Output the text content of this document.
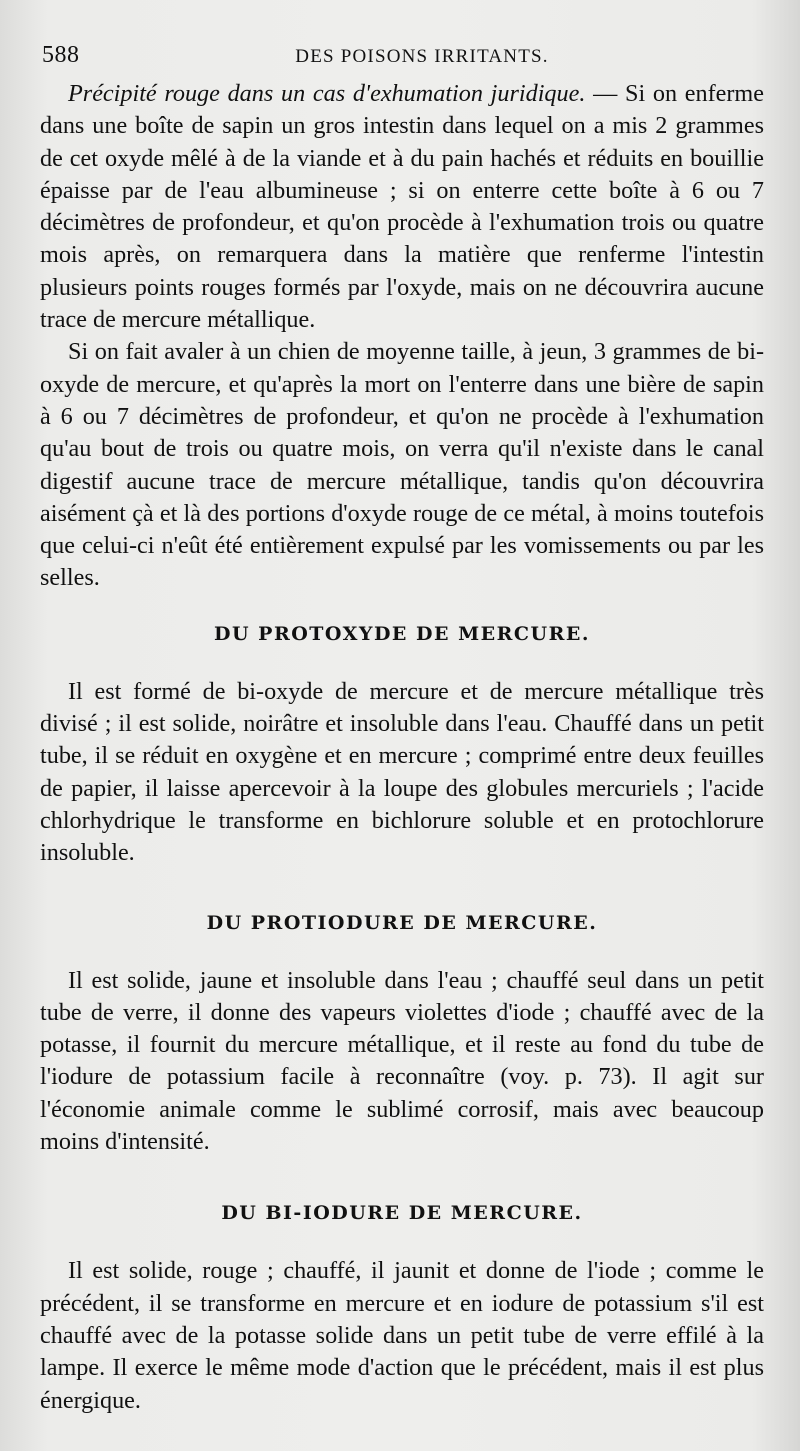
588	DES POISONS IRRITANTS.

Précipité rouge dans un cas d'exhumation juridique. — Si on enferme dans une boîte de sapin un gros intestin dans lequel on a mis 2 grammes de cet oxyde mêlé à de la viande et à du pain hachés et réduits en bouillie épaisse par de l'eau albumineuse ; si on enterre cette boîte à 6 ou 7 décimètres de profondeur, et qu'on procède à l'exhumation trois ou quatre mois après, on remarquera dans la matière que renferme l'intestin plusieurs points rouges formés par l'oxyde, mais on ne découvrira aucune trace de mercure métallique.

Si on fait avaler à un chien de moyenne taille, à jeun, 3 grammes de bi-oxyde de mercure, et qu'après la mort on l'enterre dans une bière de sapin à 6 ou 7 décimètres de profondeur, et qu'on ne procède à l'exhumation qu'au bout de trois ou quatre mois, on verra qu'il n'existe dans le canal digestif aucune trace de mercure métallique, tandis qu'on découvrira aisément çà et là des portions d'oxyde rouge de ce métal, à moins toutefois que celui-ci n'eût été entièrement expulsé par les vomissements ou par les selles.

DU PROTOXYDE DE MERCURE.

Il est formé de bi-oxyde de mercure et de mercure métallique très divisé ; il est solide, noirâtre et insoluble dans l'eau. Chauffé dans un petit tube, il se réduit en oxygène et en mercure ; comprimé entre deux feuilles de papier, il laisse apercevoir à la loupe des globules mercuriels ; l'acide chlorhydrique le transforme en bichlorure soluble et en protochlorure insoluble.

DU PROTIODURE DE MERCURE.

Il est solide, jaune et insoluble dans l'eau ; chauffé seul dans un petit tube de verre, il donne des vapeurs violettes d'iode ; chauffé avec de la potasse, il fournit du mercure métallique, et il reste au fond du tube de l'iodure de potassium facile à reconnaître (voy. p. 73). Il agit sur l'économie animale comme le sublimé corrosif, mais avec beaucoup moins d'intensité.

DU BI-IODURE DE MERCURE.

Il est solide, rouge ; chauffé, il jaunit et donne de l'iode ; comme le précédent, il se transforme en mercure et en iodure de potassium s'il est chauffé avec de la potasse solide dans un petit tube de verre effilé à la lampe. Il exerce le même mode d'action que le précédent, mais il est plus énergique.
